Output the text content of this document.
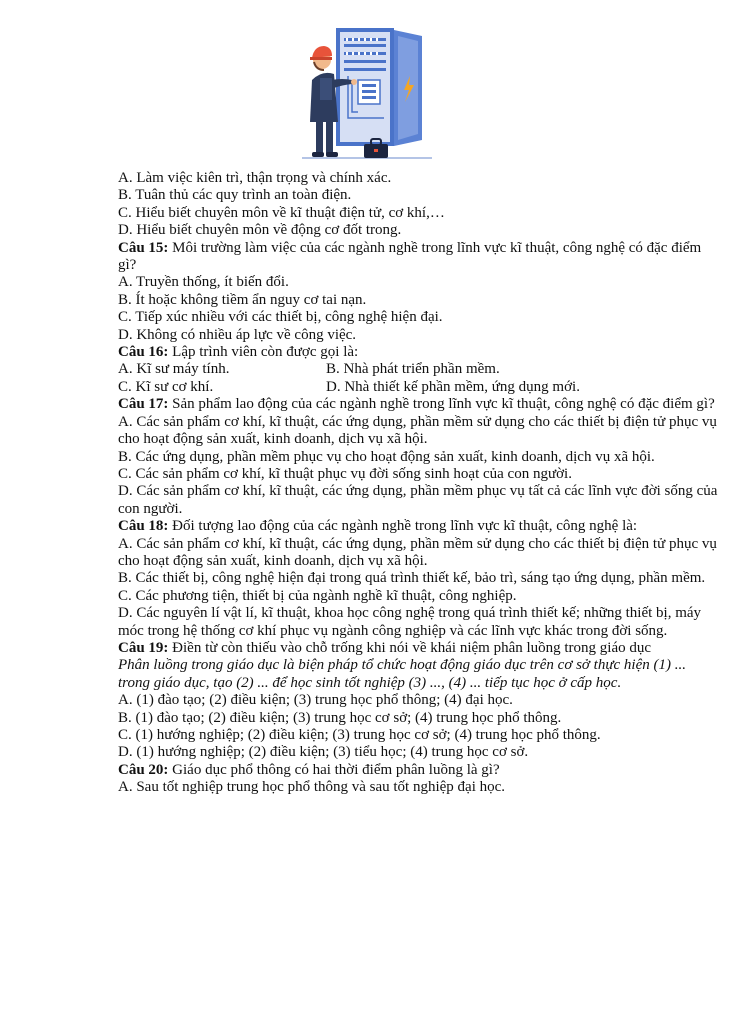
A. Làm việc kiên trì, thận trọng và chính xác.
B. Tuân thủ các quy trình an toàn điện.
C. Hiểu biết chuyên môn về kĩ thuật điện tử, cơ khí,…
D. Hiểu biết chuyên môn về động cơ đốt trong.
Câu 15: Môi trường làm việc của các ngành nghề trong lĩnh vực kĩ thuật, công nghệ có đặc điểm gì?
A. Truyền thống, ít biến đổi.
B. Ít hoặc không tiềm ẩn nguy cơ tai nạn.
C. Tiếp xúc nhiều với các thiết bị, công nghệ hiện đại.
D. Không có nhiều áp lực về công việc.
Câu 16: Lập trình viên còn được gọi là:
A. Kĩ sư máy tính.	B. Nhà phát triển phần mềm.
C. Kĩ sư cơ khí.	D. Nhà thiết kế phần mềm, ứng dụng mới.
Câu 17: Sản phẩm lao động của các ngành nghề trong lĩnh vực kĩ thuật, công nghệ có đặc điểm gì?
A. Các sản phẩm cơ khí, kĩ thuật, các ứng dụng, phần mềm sử dụng cho các thiết bị điện tử phục vụ cho hoạt động sản xuất, kinh doanh, dịch vụ xã hội.
B. Các ứng dụng, phần mềm phục vụ cho hoạt động sản xuất, kinh doanh, dịch vụ xã hội.
C. Các sản phẩm cơ khí, kĩ thuật phục vụ đời sống sinh hoạt của con người.
D. Các sản phẩm cơ khí, kĩ thuật, các ứng dụng, phần mềm phục vụ tất cả các lĩnh vực đời sống của con người.
Câu 18: Đối tượng lao động của các ngành nghề trong lĩnh vực kĩ thuật, công nghệ là:
A. Các sản phẩm cơ khí, kĩ thuật, các ứng dụng, phần mềm sử dụng cho các thiết bị điện tử phục vụ cho hoạt động sản xuất, kinh doanh, dịch vụ xã hội.
B. Các thiết bị, công nghệ hiện đại trong quá trình thiết kế, bảo trì, sáng tạo ứng dụng, phần mềm.
C. Các phương tiện, thiết bị của ngành nghề kĩ thuật, công nghiệp.
D. Các nguyên lí vật lí, kĩ thuật, khoa học công nghệ trong quá trình thiết kế; những thiết bị, máy móc trong hệ thống cơ khí phục vụ ngành công nghiệp và các lĩnh vực khác trong đời sống.
Câu 19: Điền từ còn thiếu vào chỗ trống khi nói về khái niệm phân luồng trong giáo dục
Phân luồng trong giáo dục là biện pháp tổ chức hoạt động giáo dục trên cơ sở thực hiện (1) ... trong giáo dục, tạo (2) ... để học sinh tốt nghiệp (3) ..., (4) ... tiếp tục học ở cấp học.
A. (1) đào tạo; (2) điều kiện; (3) trung học phổ thông; (4) đại học.
B. (1) đào tạo; (2) điều kiện; (3) trung học cơ sở; (4) trung học phổ thông.
C. (1) hướng nghiệp; (2) điều kiện; (3) trung học cơ sở; (4) trung học phổ thông.
D. (1) hướng nghiệp; (2) điều kiện; (3) tiểu học; (4) trung học cơ sở.
Câu 20: Giáo dục phổ thông có hai thời điểm phân luồng là gì?
A. Sau tốt nghiệp trung học phổ thông và sau tốt nghiệp đại học.
